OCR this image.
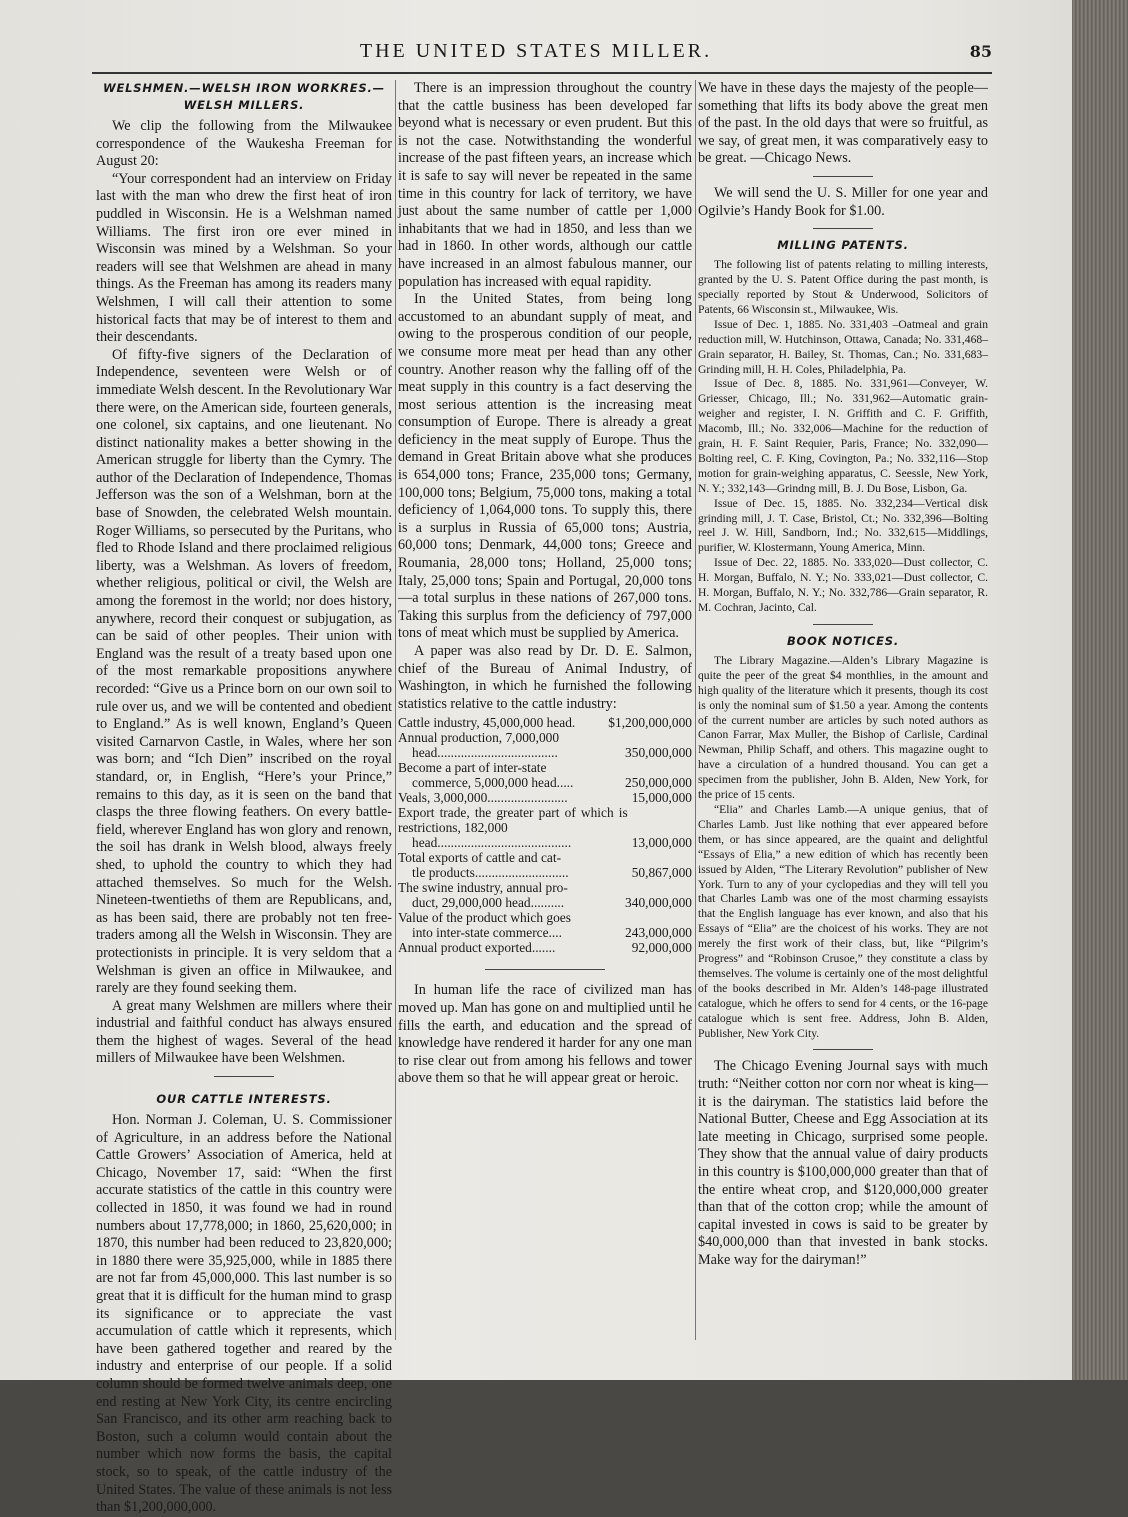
THE UNITED STATES MILLER.	85
WELSHMEN.—WELSH IRON WORKRES.—WELSH MILLERS.

We clip the following from the Milwaukee correspondence of the Waukesha Freeman for August 20:

“Your correspondent had an interview on Friday last with the man who drew the first heat of iron puddled in Wisconsin. He is a Welshman named Williams. The first iron ore ever mined in Wisconsin was mined by a Welshman. So your readers will see that Welshmen are ahead in many things. As the Freeman has among its readers many Welshmen, I will call their attention to some historical facts that may be of interest to them and their descendants.

Of fifty-five signers of the Declaration of Independence, seventeen were Welsh or of immediate Welsh descent. In the Revolutionary War there were, on the American side, fourteen generals, one colonel, six captains, and one lieutenant. No distinct nationality makes a better showing in the American struggle for liberty than the Cymry. The author of the Declaration of Independence, Thomas Jefferson was the son of a Welshman, born at the base of Snowden, the celebrated Welsh mountain. Roger Williams, so persecuted by the Puritans, who fled to Rhode Island and there proclaimed religious liberty, was a Welshman. As lovers of freedom, whether religious, political or civil, the Welsh are among the foremost in the world; nor does history, anywhere, record their conquest or subjugation, as can be said of other peoples. Their union with England was the result of a treaty based upon one of the most remarkable propositions anywhere recorded: “Give us a Prince born on our own soil to rule over us, and we will be contented and obedient to England.” As is well known, England’s Queen visited Carnarvon Castle, in Wales, where her son was born; and “Ich Dien” inscribed on the royal standard, or, in English, “Here’s your Prince,” remains to this day, as it is seen on the band that clasps the three flowing feathers. On every battle-field, wherever England has won glory and renown, the soil has drank in Welsh blood, always freely shed, to uphold the country to which they had attached themselves. So much for the Welsh. Nineteen-twentieths of them are Republicans, and, as has been said, there are probably not ten free-traders among all the Welsh in Wisconsin. They are protectionists in principle. It is very seldom that a Welshman is given an office in Milwaukee, and rarely are they found seeking them.

A great many Welshmen are millers where their industrial and faithful conduct has always ensured them the highest of wages. Several of the head millers of Milwaukee have been Welshmen.

OUR CATTLE INTERESTS.

Hon. Norman J. Coleman, U. S. Commissioner of Agriculture, in an address before the National Cattle Growers’ Association of America, held at Chicago, November 17, said: “When the first accurate statistics of the cattle in this country were collected in 1850, it was found we had in round numbers about 17,778,000; in 1860, 25,620,000; in 1870, this number had been reduced to 23,820,000; in 1880 there were 35,925,000, while in 1885 there are not far from 45,000,000. This last number is so great that it is difficult for the human mind to grasp its significance or to appreciate the vast accumulation of cattle which it represents, which have been gathered together and reared by the industry and enterprise of our people. If a solid column should be formed twelve animals deep, one end resting at New York City, its centre encircling San Francisco, and its other arm reaching back to Boston, such a column would contain about the number which now forms the basis, the capital stock, so to speak, of the cattle industry of the United States. The value of these animals is not less than $1,200,000,000.

There is an impression throughout the country that the cattle business has been developed far beyond what is necessary or even prudent. But this is not the case. Notwithstanding the wonderful increase of the past fifteen years, an increase which it is safe to say will never be repeated in the same time in this country for lack of territory, we have just about the same number of cattle per 1,000 inhabitants that we had in 1850, and less than we had in 1860. In other words, although our cattle have increased in an almost fabulous manner, our population has increased with equal rapidity.

In the United States, from being long accustomed to an abundant supply of meat, and owing to the prosperous condition of our people, we consume more meat per head than any other country. Another reason why the falling off of the meat supply in this country is a fact deserving the most serious attention is the increasing meat consumption of Europe. There is already a great deficiency in the meat supply of Europe. Thus the demand in Great Britain above what she produces is 654,000 tons; France, 235,000 tons; Germany, 100,000 tons; Belgium, 75,000 tons, making a total deficiency of 1,064,000 tons. To supply this, there is a surplus in Russia of 65,000 tons; Austria, 60,000 tons; Denmark, 44,000 tons; Greece and Roumania, 28,000 tons; Holland, 25,000 tons; Italy, 25,000 tons; Spain and Portugal, 20,000 tons—a total surplus in these nations of 267,000 tons. Taking this surplus from the deficiency of 797,000 tons of meat which must be supplied by America.

A paper was also read by Dr. D. E. Salmon, chief of the Bureau of Animal Industry, of Washington, in which he furnished the following statistics relative to the cattle industry:

Cattle industry, 45,000,000 head.	$1,200,000,000
Annual production, 7,000,000
head....................................	350,000,000
Become a part of inter-state
commerce, 5,000,000 head.....	250,000,000
Veals, 3,000,000........................	15,000,000
Export trade, the greater part of which is restrictions, 182,000
head........................................	13,000,000
Total exports of cattle and cat-
tle products............................	50,867,000
The swine industry, annual pro-
duct, 29,000,000 head..........	340,000,000
Value of the product which goes
into inter-state commerce....	243,000,000
Annual product exported.......	92,000,000

In human life the race of civilized man has moved up. Man has gone on and multiplied until he fills the earth, and education and the spread of knowledge have rendered it harder for any one man to rise clear out from among his fellows and tower above them so that he will appear great or heroic.

We have in these days the majesty of the people—something that lifts its body above the great men of the past. In the old days that were so fruitful, as we say, of great men, it was comparatively easy to be great. —Chicago News.

We will send the U. S. Miller for one year and Ogilvie’s Handy Book for $1.00.

MILLING PATENTS.

The following list of patents relating to milling interests, granted by the U. S. Patent Office during the past month, is specially reported by Stout & Underwood, Solicitors of Patents, 66 Wisconsin st., Milwaukee, Wis.

Issue of Dec. 1, 1885. No. 331,403 –Oatmeal and grain reduction mill, W. Hutchinson, Ottawa, Canada; No. 331,468–Grain separator, H. Bailey, St. Thomas, Can.; No. 331,683–Grinding mill, H. H. Coles, Philadelphia, Pa.

Issue of Dec. 8, 1885. No. 331,961—Conveyer, W. Griesser, Chicago, Ill.; No. 331,962—Automatic grain-weigher and register, I. N. Griffith and C. F. Griffith, Macomb, Ill.; No. 332,006—Machine for the reduction of grain, H. F. Saint Requier, Paris, France; No. 332,090—Bolting reel, C. F. King, Covington, Pa.; No. 332,116—Stop motion for grain-weighing apparatus, C. Seessle, New York, N. Y.; 332,143—Grindng mill, B. J. Du Bose, Lisbon, Ga.

Issue of Dec. 15, 1885. No. 332,234—Vertical disk grinding mill, J. T. Case, Bristol, Ct.; No. 332,396—Bolting reel J. W. Hill, Sandborn, Ind.; No. 332,615—Middlings, purifier, W. Klostermann, Young America, Minn.

Issue of Dec. 22, 1885. No. 333,020—Dust collector, C. H. Morgan, Buffalo, N. Y.; No. 333,021—Dust collector, C. H. Morgan, Buffalo, N. Y.; No. 332,786—Grain separator, R. M. Cochran, Jacinto, Cal.

BOOK NOTICES.

The Library Magazine.—Alden’s Library Magazine is quite the peer of the great $4 monthlies, in the amount and high quality of the literature which it presents, though its cost is only the nominal sum of $1.50 a year. Among the contents of the current number are articles by such noted authors as Canon Farrar, Max Muller, the Bishop of Carlisle, Cardinal Newman, Philip Schaff, and others. This magazine ought to have a circulation of a hundred thousand. You can get a specimen from the publisher, John B. Alden, New York, for the price of 15 cents.

“Elia” and Charles Lamb.—A unique genius, that of Charles Lamb. Just like nothing that ever appeared before them, or has since appeared, are the quaint and delightful “Essays of Elia,” a new edition of which has recently been issued by Alden, “The Literary Revolution” publisher of New York. Turn to any of your cyclopedias and they will tell you that Charles Lamb was one of the most charming essayists that the English language has ever known, and also that his Essays of “Elia” are the choicest of his works. They are not merely the first work of their class, but, like “Pilgrim’s Progress” and “Robinson Crusoe,” they constitute a class by themselves. The volume is certainly one of the most delightful of the books described in Mr. Alden’s 148-page illustrated catalogue, which he offers to send for 4 cents, or the 16-page catalogue which is sent free. Address, John B. Alden, Publisher, New York City.

The Chicago Evening Journal says with much truth: “Neither cotton nor corn nor wheat is king—it is the dairyman. The statistics laid before the National Butter, Cheese and Egg Association at its late meeting in Chicago, surprised some people. They show that the annual value of dairy products in this country is $100,000,000 greater than that of the entire wheat crop, and $120,000,000 greater than that of the cotton crop; while the amount of capital invested in cows is said to be greater by $40,000,000 than that invested in bank stocks. Make way for the dairyman!”
